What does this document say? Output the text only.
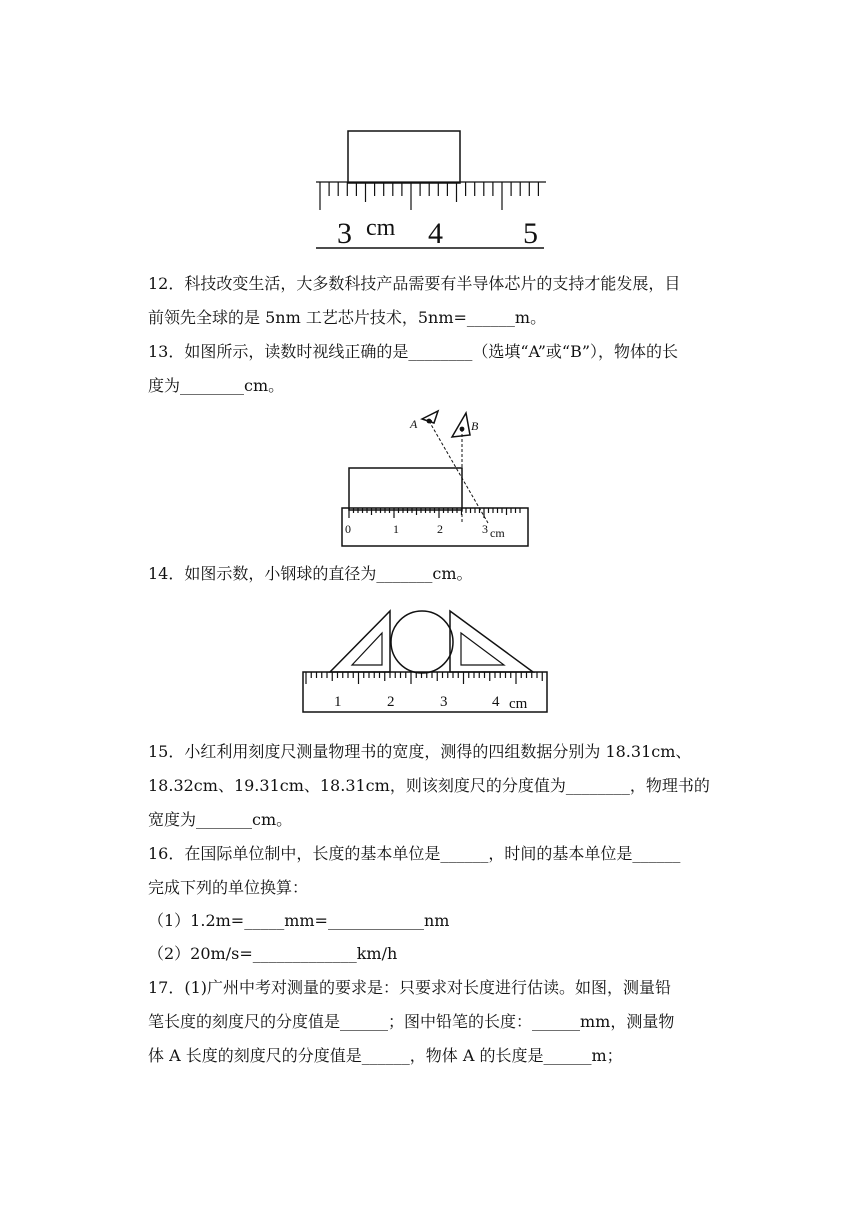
3 cm 4	5
12．科技改变生活，大多数科技产品需要有半导体芯片的支持才能发展，目
前领先全球的是 5nm 工艺芯片技术，5nm=______m。
13．如图所示，读数时视线正确的是________（选填“A”或“B”），物体的长
度为________cm。
A	B
0	1	2	3 cm
14．如图示数，小钢球的直径为_______cm。
1	2	3	4 cm
15．小红利用刻度尺测量物理书的宽度，测得的四组数据分别为 18.31cm、
18.32cm、19.31cm、18.31cm，则该刻度尺的分度值为________，物理书的
宽度为_______cm。
16．在国际单位制中，长度的基本单位是______，时间的基本单位是______
完成下列的单位换算：
（1）1.2m=_____mm=____________nm
（2）20m/s=_____________km/h
17．(1)广州中考对测量的要求是：只要求对长度进行估读。如图，测量铅
笔长度的刻度尺的分度值是______；图中铅笔的长度：______mm，测量物
体 A 长度的刻度尺的分度值是______，物体 A 的长度是______m；
